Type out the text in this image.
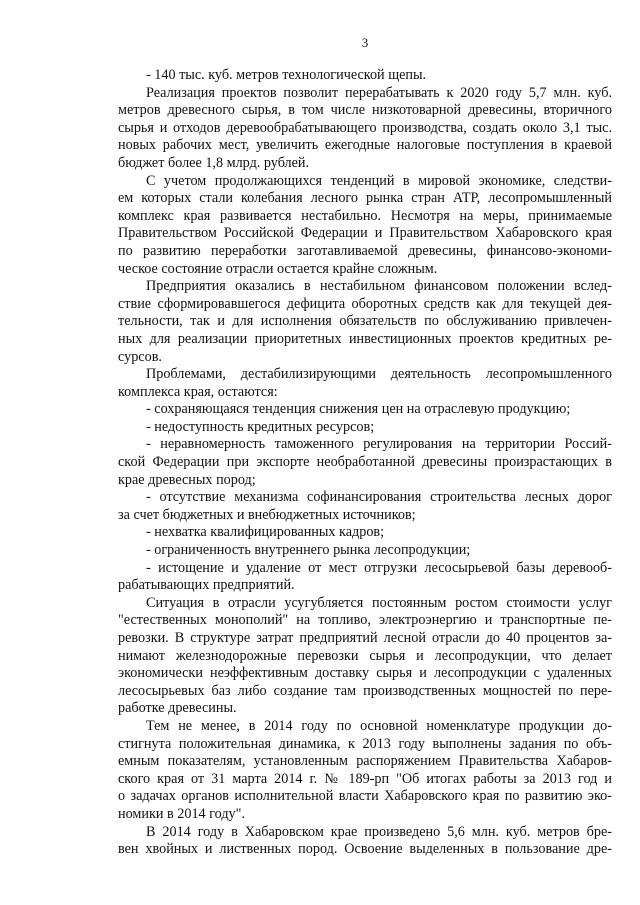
3
- 140 тыс. куб. метров технологической щепы.
Реализация проектов позволит перерабатывать к 2020 году 5,7 млн. куб.
метров древесного сырья, в том числе низкотоварной древесины, вторичного
сырья и отходов деревообрабатывающего производства, создать около 3,1 тыс.
новых рабочих мест, увеличить ежегодные налоговые поступления в краевой
бюджет более 1,8 млрд. рублей.
С учетом продолжающихся тенденций в мировой экономике, следстви-
ем которых стали колебания лесного рынка стран АТР, лесопромышленный
комплекс края развивается нестабильно. Несмотря на меры, принимаемые
Правительством Российской Федерации и Правительством Хабаровского края
по развитию переработки заготавливаемой древесины, финансово-экономи-
ческое состояние отрасли остается крайне сложным.
Предприятия оказались в нестабильном финансовом положении вслед-
ствие сформировавшегося дефицита оборотных средств как для текущей дея-
тельности, так и для исполнения обязательств по обслуживанию привлечен-
ных для реализации приоритетных инвестиционных проектов кредитных ре-
сурсов.
Проблемами, дестабилизирующими деятельность лесопромышленного
комплекса края, остаются:
- сохраняющаяся тенденция снижения цен на отраслевую продукцию;
- недоступность кредитных ресурсов;
- неравномерность таможенного регулирования на территории Россий-
ской Федерации при экспорте необработанной древесины произрастающих в
крае древесных пород;
- отсутствие механизма софинансирования строительства лесных дорог
за счет бюджетных и внебюджетных источников;
- нехватка квалифицированных кадров;
- ограниченность внутреннего рынка лесопродукции;
- истощение и удаление от мест отгрузки лесосырьевой базы деревооб-
рабатывающих предприятий.
Ситуация в отрасли усугубляется постоянным ростом стоимости услуг
"естественных монополий" на топливо, электроэнергию и транспортные пе-
ревозки. В структуре затрат предприятий лесной отрасли до 40 процентов за-
нимают железнодорожные перевозки сырья и лесопродукции, что делает
экономически неэффективным доставку сырья и лесопродукции с удаленных
лесосырьевых баз либо создание там производственных мощностей по пере-
работке древесины.
Тем не менее, в 2014 году по основной номенклатуре продукции до-
стигнута положительная динамика, к 2013 году выполнены задания по объ-
емным показателям, установленным распоряжением Правительства Хабаров-
ского края от 31 марта 2014 г. № 189-рп "Об итогах работы за 2013 год и
о задачах органов исполнительной власти Хабаровского края по развитию эко-
номики в 2014 году".
В 2014 году в Хабаровском крае произведено 5,6 млн. куб. метров бре-
вен хвойных и лиственных пород. Освоение выделенных в пользование дре-
